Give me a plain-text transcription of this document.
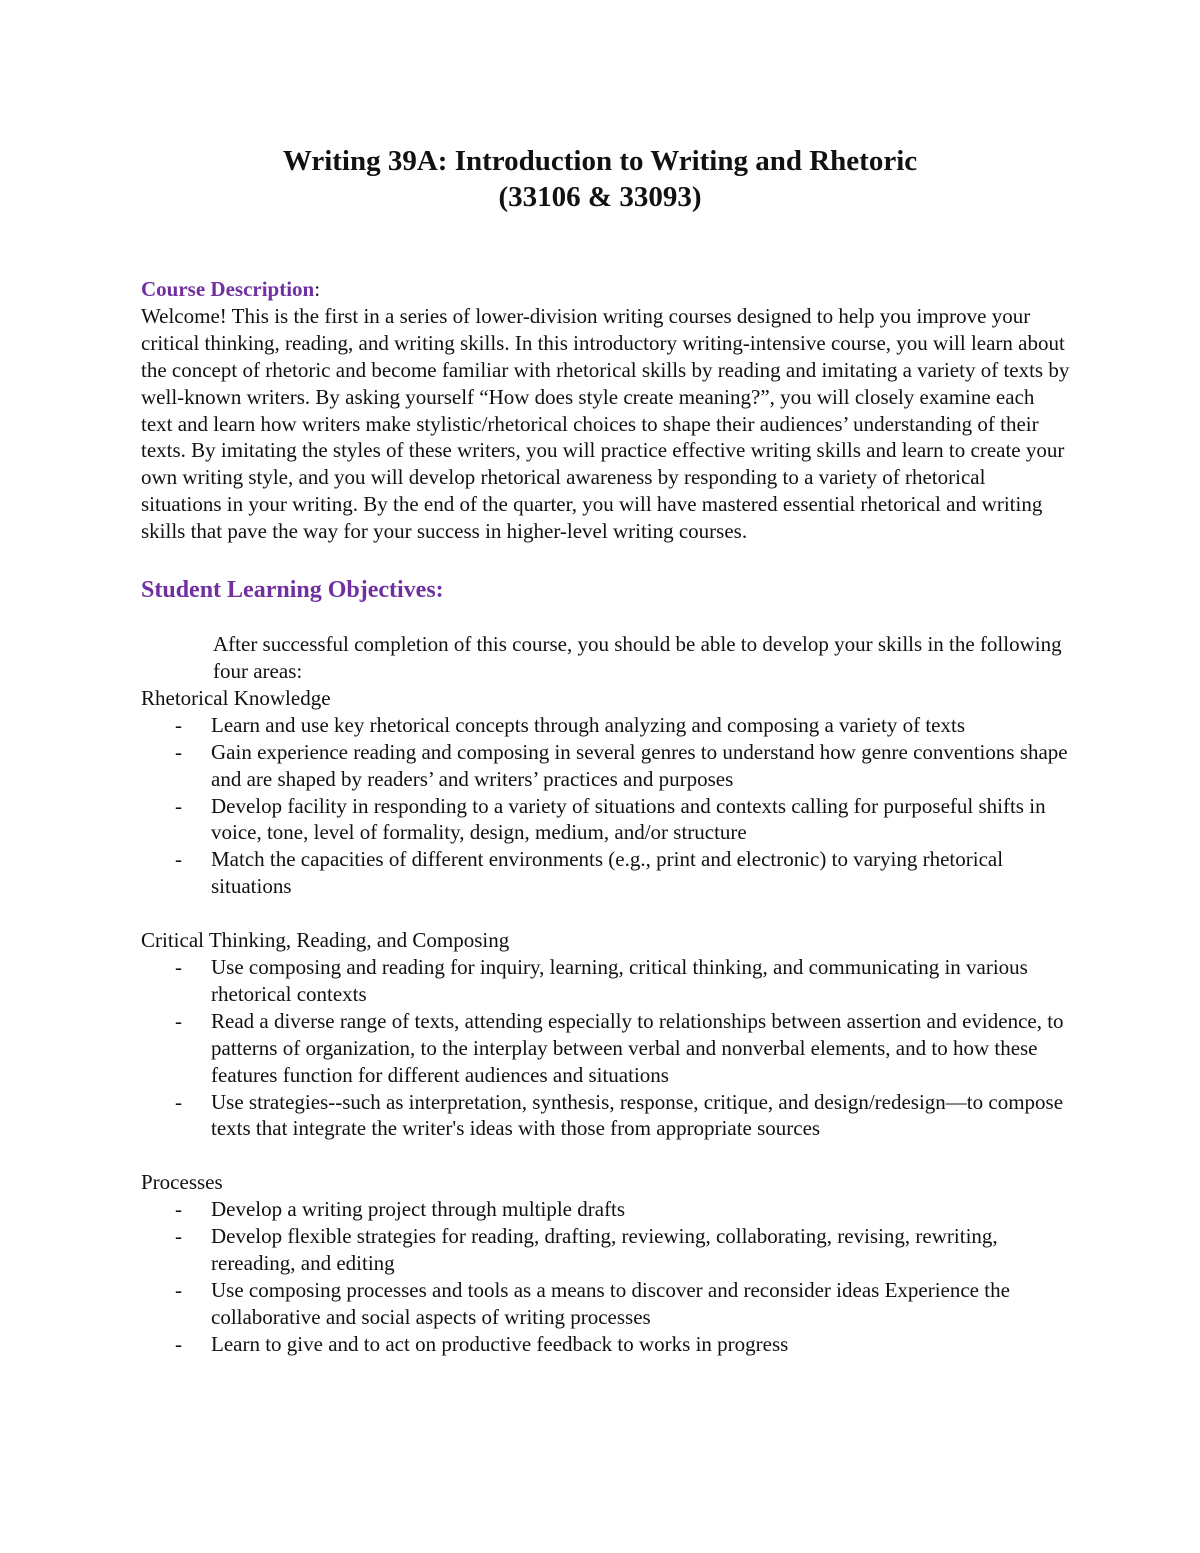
Writing 39A: Introduction to Writing and Rhetoric
(33106 & 33093)
Course Description:

Welcome! This is the first in a series of lower-division writing courses designed to help you improve your critical thinking, reading, and writing skills. In this introductory writing-intensive course, you will learn about the concept of rhetoric and become familiar with rhetorical skills by reading and imitating a variety of texts by well-known writers. By asking yourself “How does style create meaning?”, you will closely examine each text and learn how writers make stylistic/rhetorical choices to shape their audiences’ understanding of their texts. By imitating the styles of these writers, you will practice effective writing skills and learn to create your own writing style, and you will develop rhetorical awareness by responding to a variety of rhetorical situations in your writing. By the end of the quarter, you will have mastered essential rhetorical and writing skills that pave the way for your success in higher-level writing courses.

Student Learning Objectives:

After successful completion of this course, you should be able to develop your skills in the following four areas:

Rhetorical Knowledge

- Learn and use key rhetorical concepts through analyzing and composing a variety of texts
- Gain experience reading and composing in several genres to understand how genre conventions shape and are shaped by readers’ and writers’ practices and purposes
- Develop facility in responding to a variety of situations and contexts calling for purposeful shifts in voice, tone, level of formality, design, medium, and/or structure
- Match the capacities of different environments (e.g., print and electronic) to varying rhetorical situations

Critical Thinking, Reading, and Composing

- Use composing and reading for inquiry, learning, critical thinking, and communicating in various rhetorical contexts
- Read a diverse range of texts, attending especially to relationships between assertion and evidence, to patterns of organization, to the interplay between verbal and nonverbal elements, and to how these features function for different audiences and situations
- Use strategies--such as interpretation, synthesis, response, critique, and design/redesign—to compose texts that integrate the writer's ideas with those from appropriate sources

Processes

- Develop a writing project through multiple drafts
- Develop flexible strategies for reading, drafting, reviewing, collaborating, revising, rewriting, rereading, and editing
- Use composing processes and tools as a means to discover and reconsider ideas Experience the collaborative and social aspects of writing processes
- Learn to give and to act on productive feedback to works in progress
